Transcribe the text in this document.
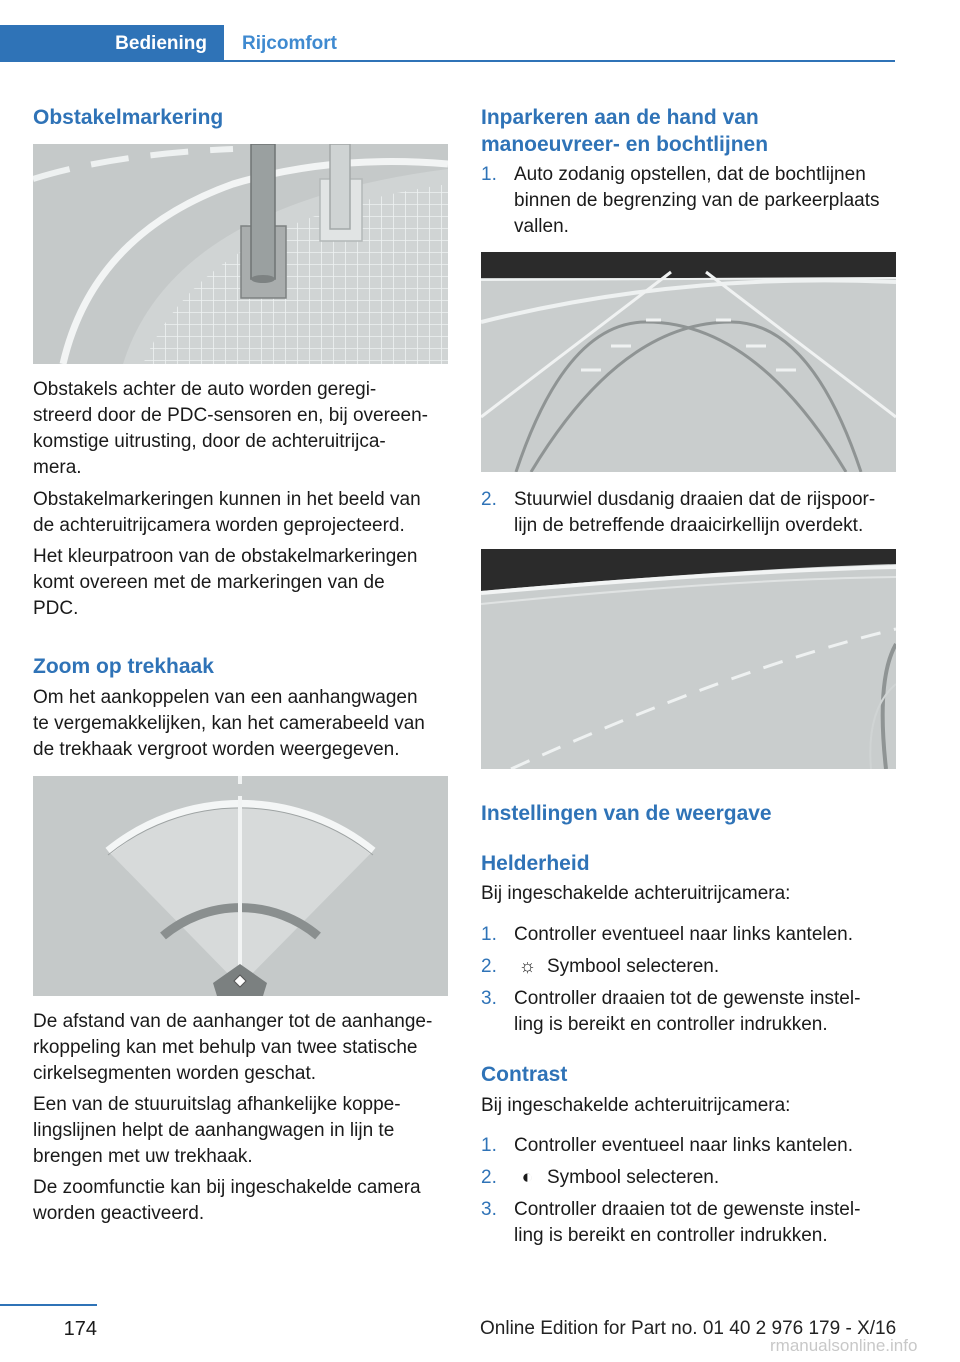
Bediening Rijcomfort
Obstakelmarkering
Obstakels achter de auto worden geregi-
streerd door de PDC-sensoren en, bij overeen-
komstige uitrusting, door de achteruitrijca-
mera.
Obstakelmarkeringen kunnen in het beeld van
de achteruitrijcamera worden geprojecteerd.
Het kleurpatroon van de obstakelmarkeringen
komt overeen met de markeringen van de
PDC.
Zoom op trekhaak
Om het aankoppelen van een aanhangwagen
te vergemakkelijken, kan het camerabeeld van
de trekhaak vergroot worden weergegeven.
De afstand van de aanhanger tot de aanhange-
rkoppeling kan met behulp van twee statische
cirkelsegmenten worden geschat.
Een van de stuuruitslag afhankelijke koppe-
lingslijnen helpt de aanhangwagen in lijn te
brengen met uw trekhaak.
De zoomfunctie kan bij ingeschakelde camera
worden geactiveerd.
Inparkeren aan de hand van
manoeuvreer- en bochtlijnen
1. Auto zodanig opstellen, dat de bochtlijnen
binnen de begrenzing van de parkeerplaats
vallen.
2. Stuurwiel dusdanig draaien dat de rijspoor-
lijn de betreffende draaicirkellijn overdekt.
Instellingen van de weergave
Helderheid
Bij ingeschakelde achteruitrijcamera:
1. Controller eventueel naar links kantelen.
2. ☼ Symbool selecteren.
3. Controller draaien tot de gewenste instel-
ling is bereikt en controller indrukken.
Contrast
Bij ingeschakelde achteruitrijcamera:
1. Controller eventueel naar links kantelen.
2.	◐ Symbool selecteren.
3. Controller draaien tot de gewenste instel-
ling is bereikt en controller indrukken.
174	Online Edition for Part no. 01 40 2 976 179 - X/16
rmanualsonline.info
